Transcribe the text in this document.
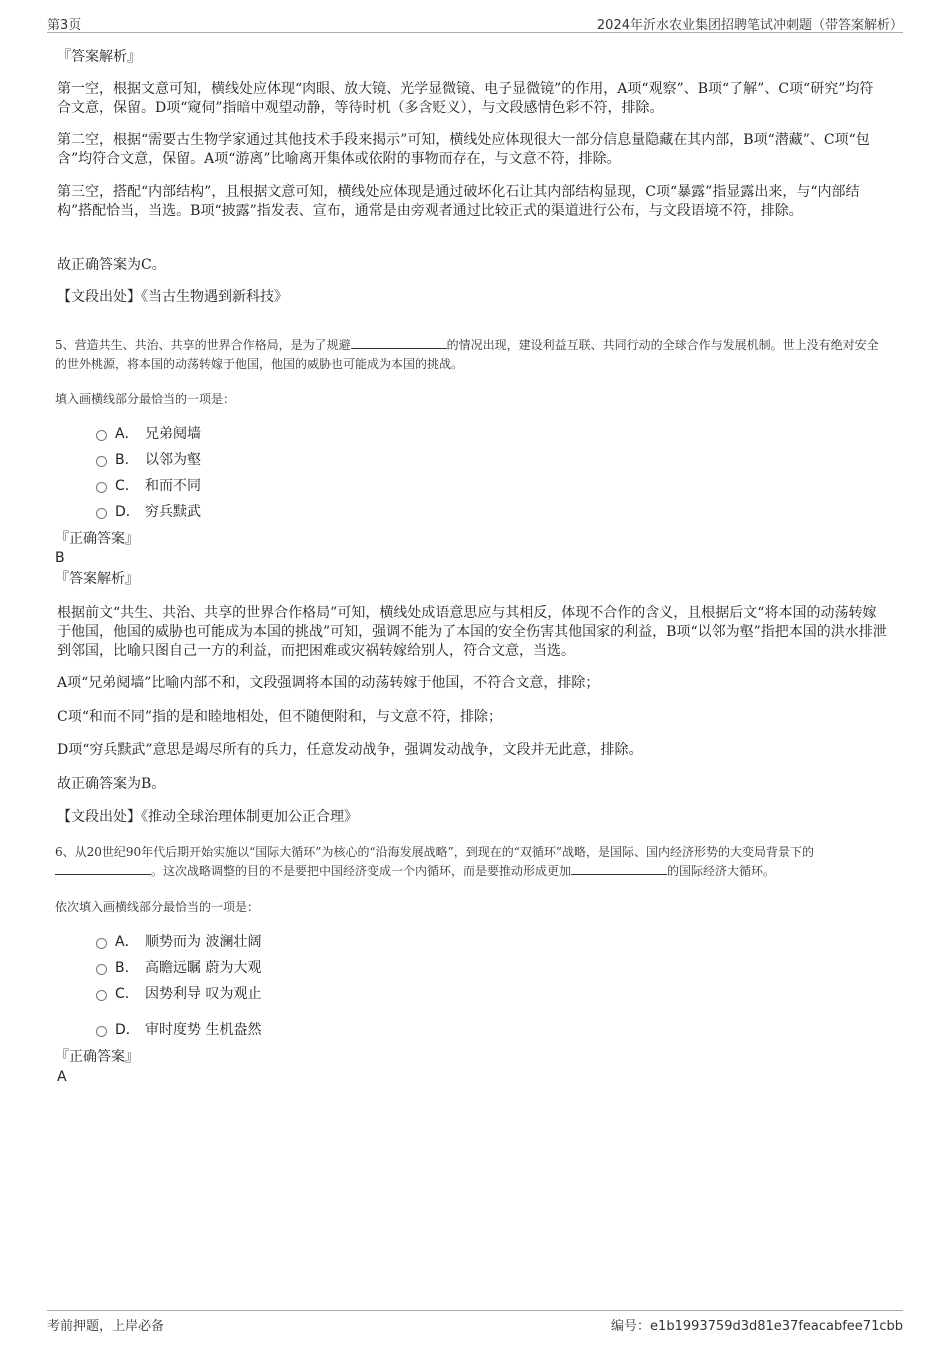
第3页	2024年沂水农业集团招聘笔试冲刺题（带答案解析）
『答案解析』
第一空，根据文意可知，横线处应体现“肉眼、放大镜、光学显微镜、电子显微镜”的作用，A项“观察”、B项“了解”、C项“研究”均符合文意，保留。D项“窥伺”指暗中观望动静，等待时机（多含贬义），与文段感情色彩不符，排除。
第二空，根据“需要古生物学家通过其他技术手段来揭示”可知，横线处应体现很大一部分信息量隐藏在其内部，B项“潜藏”、C项“包含”均符合文意，保留。A项“游离”比喻离开集体或依附的事物而存在，与文意不符，排除。
第三空，搭配“内部结构”，且根据文意可知，横线处应体现是通过破坏化石让其内部结构显现，C项“暴露”指显露出来，与“内部结构”搭配恰当，当选。B项“披露”指发表、宣布，通常是由旁观者通过比较正式的渠道进行公布，与文段语境不符，排除。
故正确答案为C。
【文段出处】《当古生物遇到新科技》
5、营造共生、共治、共享的世界合作格局，是为了规避	的情况出现，建设利益互联、共同行动的全球合作与发展机制。世上没有绝对安全的世外桃源，将本国的动荡转嫁于他国，他国的威胁也可能成为本国的挑战。
填入画横线部分最恰当的一项是：
A． 兄弟阋墙
B. 以邻为壑
C． 和而不同
D． 穷兵黩武
『正确答案』
B
『答案解析』
根据前文“共生、共治、共享的世界合作格局”可知，横线处成语意思应与其相反，体现不合作的含义，且根据后文“将本国的动荡转嫁于他国，他国的威胁也可能成为本国的挑战”可知，强调不能为了本国的安全伤害其他国家的利益，B项“以邻为壑”指把本国的洪水排泄到邻国，比喻只图自己一方的利益，而把困难或灾祸转嫁给别人，符合文意，当选。
A项“兄弟阋墙”比喻内部不和，文段强调将本国的动荡转嫁于他国，不符合文意，排除；
C项“和而不同”指的是和睦地相处，但不随便附和，与文意不符，排除；
D项“穷兵黩武”意思是竭尽所有的兵力，任意发动战争，强调发动战争，文段并无此意，排除。
故正确答案为B。
【文段出处】《推动全球治理体制更加公正合理》
6、从20世纪90年代后期开始实施以“国际大循环”为核心的“沿海发展战略”，到现在的“双循环”战略，是国际、国内经济形势的大变局背景下的。这次战略调整的目的不是要把中国经济变成一个内循环，而是要推动形成更加	的国际经济大循环。
依次填入画横线部分最恰当的一项是：
A． 顺势而为 波澜壮阔
B. 高瞻远瞩 蔚为大观
C． 因势利导 叹为观止
D． 审时度势 生机盎然
『正确答案』
A
考前押题，上岸必备	编号：e1b1993759d3d81e37feacabfee71cbb
